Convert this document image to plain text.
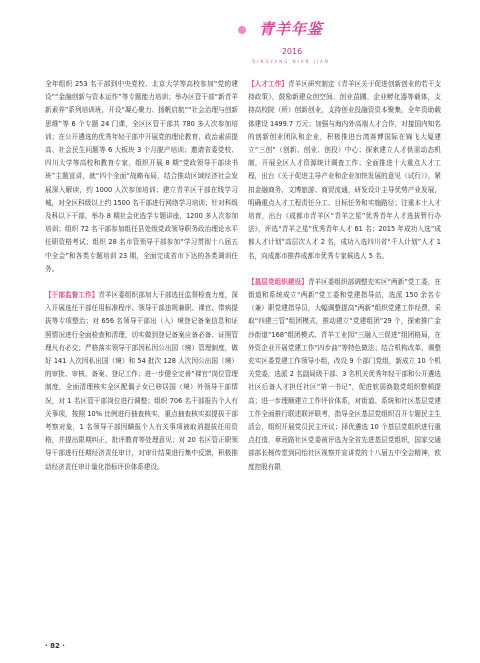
青羊年鉴2016
QINGYANG NIAN JIAN

全年组织 253 名干部到中央党校、北京大学等高校参加“党的建设”“金融创新与资本运作”等专题能力培训；举办区管干部“新青羊新素养”系列培训班，开设“凝心聚力、扬帆启航”“社会治理与创新思维”等 6 个专题 24 门课，全区区管干部共 780 多人次参加培训；在公开遴选的优秀年轻干部中开展党的理论教育、政治素质提高、社会民生问题等 6 大板块 3 个月脱产培训；邀请省委党校、四川大学等高校和教育专家，组织开展 8 期“党政领导干部读书班”主题宣讲，就“四个全面”战略布局，结合推动区域经济社会发展深入解读，约 1000 人次参加培训；建立青羊区干部在线学习城，对全区科级以上约 1500 名干部进行网络学习培训；针对科级及科以下干部，举办 8 期社会化选学专题讲座，1200 多人次参加培训；组织 72 名干部参加组任县处级党政领导职务政治理论水平任职资格考试；组织 28 名市管领导干部参加“学习贯彻十八届五中全会”和各类专题培训 23 期，全面完成省市下达的各类调训任务。

【干部监督工作】青羊区委组织部加大干部选任监督检查力度，深入开展选任干部任用标准程序、领导干部违规兼职、裸官、带病提拔等专项整治；对 656 名领导干部出（入）境登记备案信息和证照情况进行全面检查和清理，切实做到登记备案应备必备、证照管理凡有必交；严格落实领导干部因私因公出国（境）管理制度，做好 141 人次因私出国（境）和 54 批次 128 人次因公出国（境）的审批、审核、备案、登记工作；进一步健全完善“裸官”岗位管理制度，全面清理核实全区配偶子女已移居国（境）外领导干部情况，对 1 名区管干部岗位进行调整；组织 706 名干部报告个人有关事项，按照 10% 比例进行抽查核实，重点抽查核实拟提拔干部考察对象，1 名领导干部因瞒报个人有关事项被取消提拔任用资格，并提出限期纠正，批评教育等处理意见；对 20 名区管正职领导干部进行任期经济责任审计，对审计结果进行集中反馈，积极推动经济责任审计量化指标评价体系建设。

【人才工作】青羊区研究制定《青羊区关于促进创新创业的若干支持政策》，鼓励新建众创空间、创业苗圃、企业孵化器等载体，支持高校院（所）创新创业，支持创业投融资资本聚集，全年资助载体建设 1499.7 万元；加强与海内外高端人才合作，对接国内知名的创新创业团队和企业，积极推进台湾赛博国际在锦飞大厦建立“三创”（创新、创业、创投）中心；探索建立人才供需动态机制，开展全区人才资源统计调查工作；全面推进十大重点人才工程，出台《关于促进主导产业和企业加快发展的意见（试行）》，紧扣金融商务、文博旅游、商贸流通，研发设计主导优势产业发展，明确重点人才工程责任分工、目标任务和实施路径；注重本土人才培育，出台《成都市青羊区“青羊之星”优秀青年人才选拔暂行办法》，评选“青羊之星”优秀青年人才 61 名；2015 年成功入选“成都人才计划”高层次人才 2 名，成功入选四川省“千人计划”人才 1 名，向成都市推荐成都市优秀专家候选人 5 名。

【基层党组织建设】青羊区委组织部调整充实区“两新”党工委，在街道和系统成立“两新”党工委和党建指导站，选派 150 余名专（兼）职党建指导员，大幅调整提高“两新”组织党建工作经费，采取“四建三管”组团模式，推动建立“党建组团”29 个，探索推广金沙街道“168”组团模式、青羊工业园“三融入三促进”组团格局，在外资企业开展党建工作“四步曲”等特色做法；结合机构改革，调整充实区委党建工作领导小组，改设 9 个部门党组，新成立 10 个机关党委，选派 2 名副局级干部、3 名机关优秀年轻干部和公开遴选社区后备人才担任社区“第一书记”，促进软弱涣散党组织整顿提高；进一步理顺建立工作评价体系，对街道、系统和社区基层党建工作全面推行联述联评联考，指导全区基层党组织召开专题民主生活会，组织开展党员民主评议；择优遴选 10 个基层党组织进行重点打造，章竟路社区党委被评选为全省先进基层党组织，国家交通部部长杨传堂到同怡社区视察并宣讲党的十八届五中全会精神，欧度控股有限

· 82 ·
